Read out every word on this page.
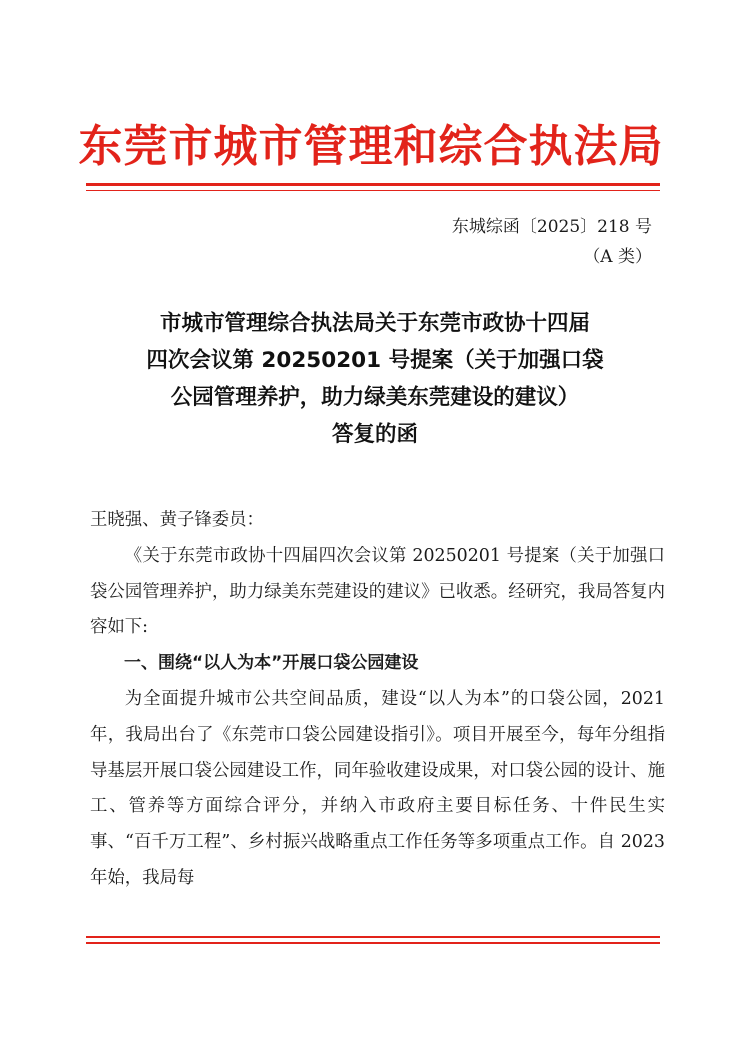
东莞市城市管理和综合执法局
东城综函〔2025〕218 号
（A 类）
市城市管理综合执法局关于东莞市政协十四届
四次会议第 20250201 号提案（关于加强口袋
公园管理养护，助力绿美东莞建设的建议）
答复的函

王晓强、黄子锋委员：

《关于东莞市政协十四届四次会议第 20250201 号提案（关于加强口袋公园管理养护，助力绿美东莞建设的建议》已收悉。经研究，我局答复内容如下:

一、围绕“以人为本”开展口袋公园建设

为全面提升城市公共空间品质，建设“以人为本”的口袋公园，2021 年，我局出台了《东莞市口袋公园建设指引》。项目开展至今，每年分组指导基层开展口袋公园建设工作，同年验收建设成果，对口袋公园的设计、施工、管养等方面综合评分，并纳入市政府主要目标任务、十件民生实事、“百千万工程”、乡村振兴战略重点工作任务等多项重点工作。自 2023 年始，我局每
